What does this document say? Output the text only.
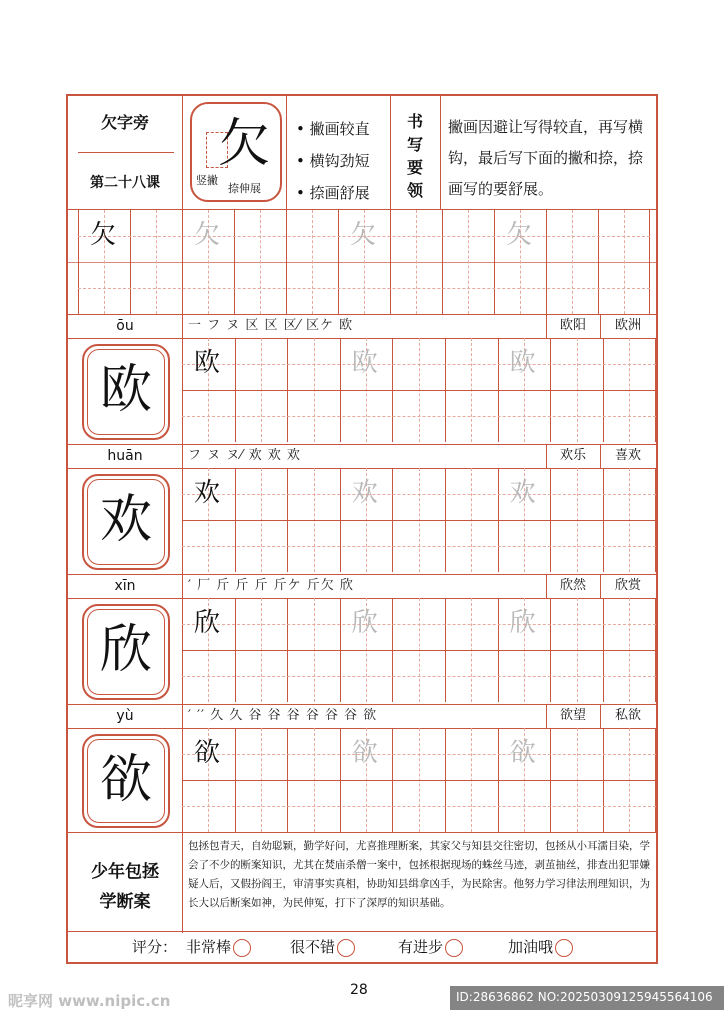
欠字旁
第二十八课
欠
竖撇
捺伸展
• 撇画较直
• 横钩劲短
• 捺画舒展
书
写
要
领
撇画因避让写得较直，再写横钩，最后写下面的撇和捺，捺画写的要舒展。
欠	欠	欠	欠
ōu	一 フ ヌ 区 区 区⁄ 区ケ 欧	欧阳	欧洲
欧
huān	フ ヌ ヌ⁄ 欢 欢 欢	欢乐	喜欢
欢
xīn	′ 厂 斤 斤 斤 斤ケ 斤欠 欣	欣然	欣赏
欣
yù	′ ′′ 久 久 谷 谷 谷 谷 谷 谷 欲	欲望	私欲
欲
欧	欧	欧
欢	欢	欢
欣	欣	欣
欲	欲	欲
少年包拯
学断案
包拯包青天，自幼聪颖，勤学好问，尤喜推理断案，其家父与知县交往密切，包拯从小耳濡目染，学会了不少的断案知识，尤其在焚庙杀僧一案中，包拯根据现场的蛛丝马迹，剥茧抽丝，排查出犯罪嫌疑人后，又假扮阎王，审清事实真相，协助知县缉拿凶手，为民除害。他努力学习律法刑理知识，为长大以后断案如神，为民伸冤，打下了深厚的知识基础。
评分： 非常棒	很不错	有进步	加油哦
28
昵享网 www.nipic.cn	ID:28636862 NO:20250309125945564106
